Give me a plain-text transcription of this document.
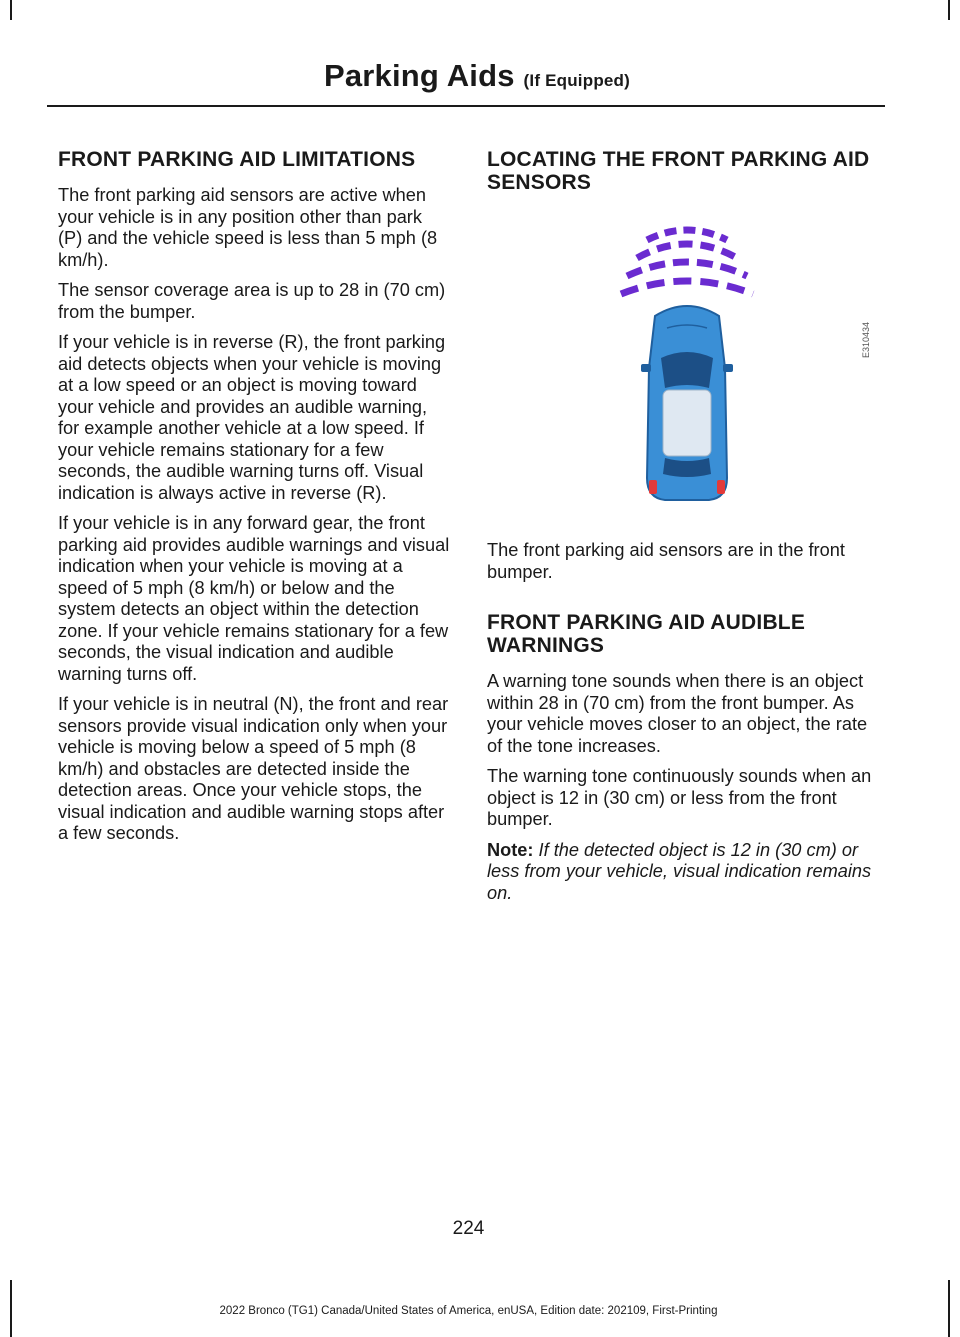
Parking Aids (If Equipped)
FRONT PARKING AID LIMITATIONS

The front parking aid sensors are active when your vehicle is in any position other than park (P) and the vehicle speed is less than 5 mph (8 km/h).

The sensor coverage area is up to 28 in (70 cm) from the bumper.

If your vehicle is in reverse (R), the front parking aid detects objects when your vehicle is moving at a low speed or an object is moving toward your vehicle and provides an audible warning, for example another vehicle at a low speed. If your vehicle remains stationary for a few seconds, the audible warning turns off. Visual indication is always active in reverse (R).

If your vehicle is in any forward gear, the front parking aid provides audible warnings and visual indication when your vehicle is moving at a speed of 5 mph (8 km/h) or below and the system detects an object within the detection zone. If your vehicle remains stationary for a few seconds, the visual indication and audible warning turns off.

If your vehicle is in neutral (N), the front and rear sensors provide visual indication only when your vehicle is moving below a speed of 5 mph (8 km/h) and obstacles are detected inside the detection areas. Once your vehicle stops, the visual indication and audible warning stops after a few seconds.

LOCATING THE FRONT PARKING AID SENSORS
E310434

The front parking aid sensors are in the front bumper.

FRONT PARKING AID AUDIBLE WARNINGS

A warning tone sounds when there is an object within 28 in (70 cm) from the front bumper. As your vehicle moves closer to an object, the rate of the tone increases.

The warning tone continuously sounds when an object is 12 in (30 cm) or less from the front bumper.

Note: If the detected object is 12 in (30 cm) or less from your vehicle, visual indication remains on.

224
2022 Bronco (TG1) Canada/United States of America, enUSA, Edition date: 202109, First-Printing
